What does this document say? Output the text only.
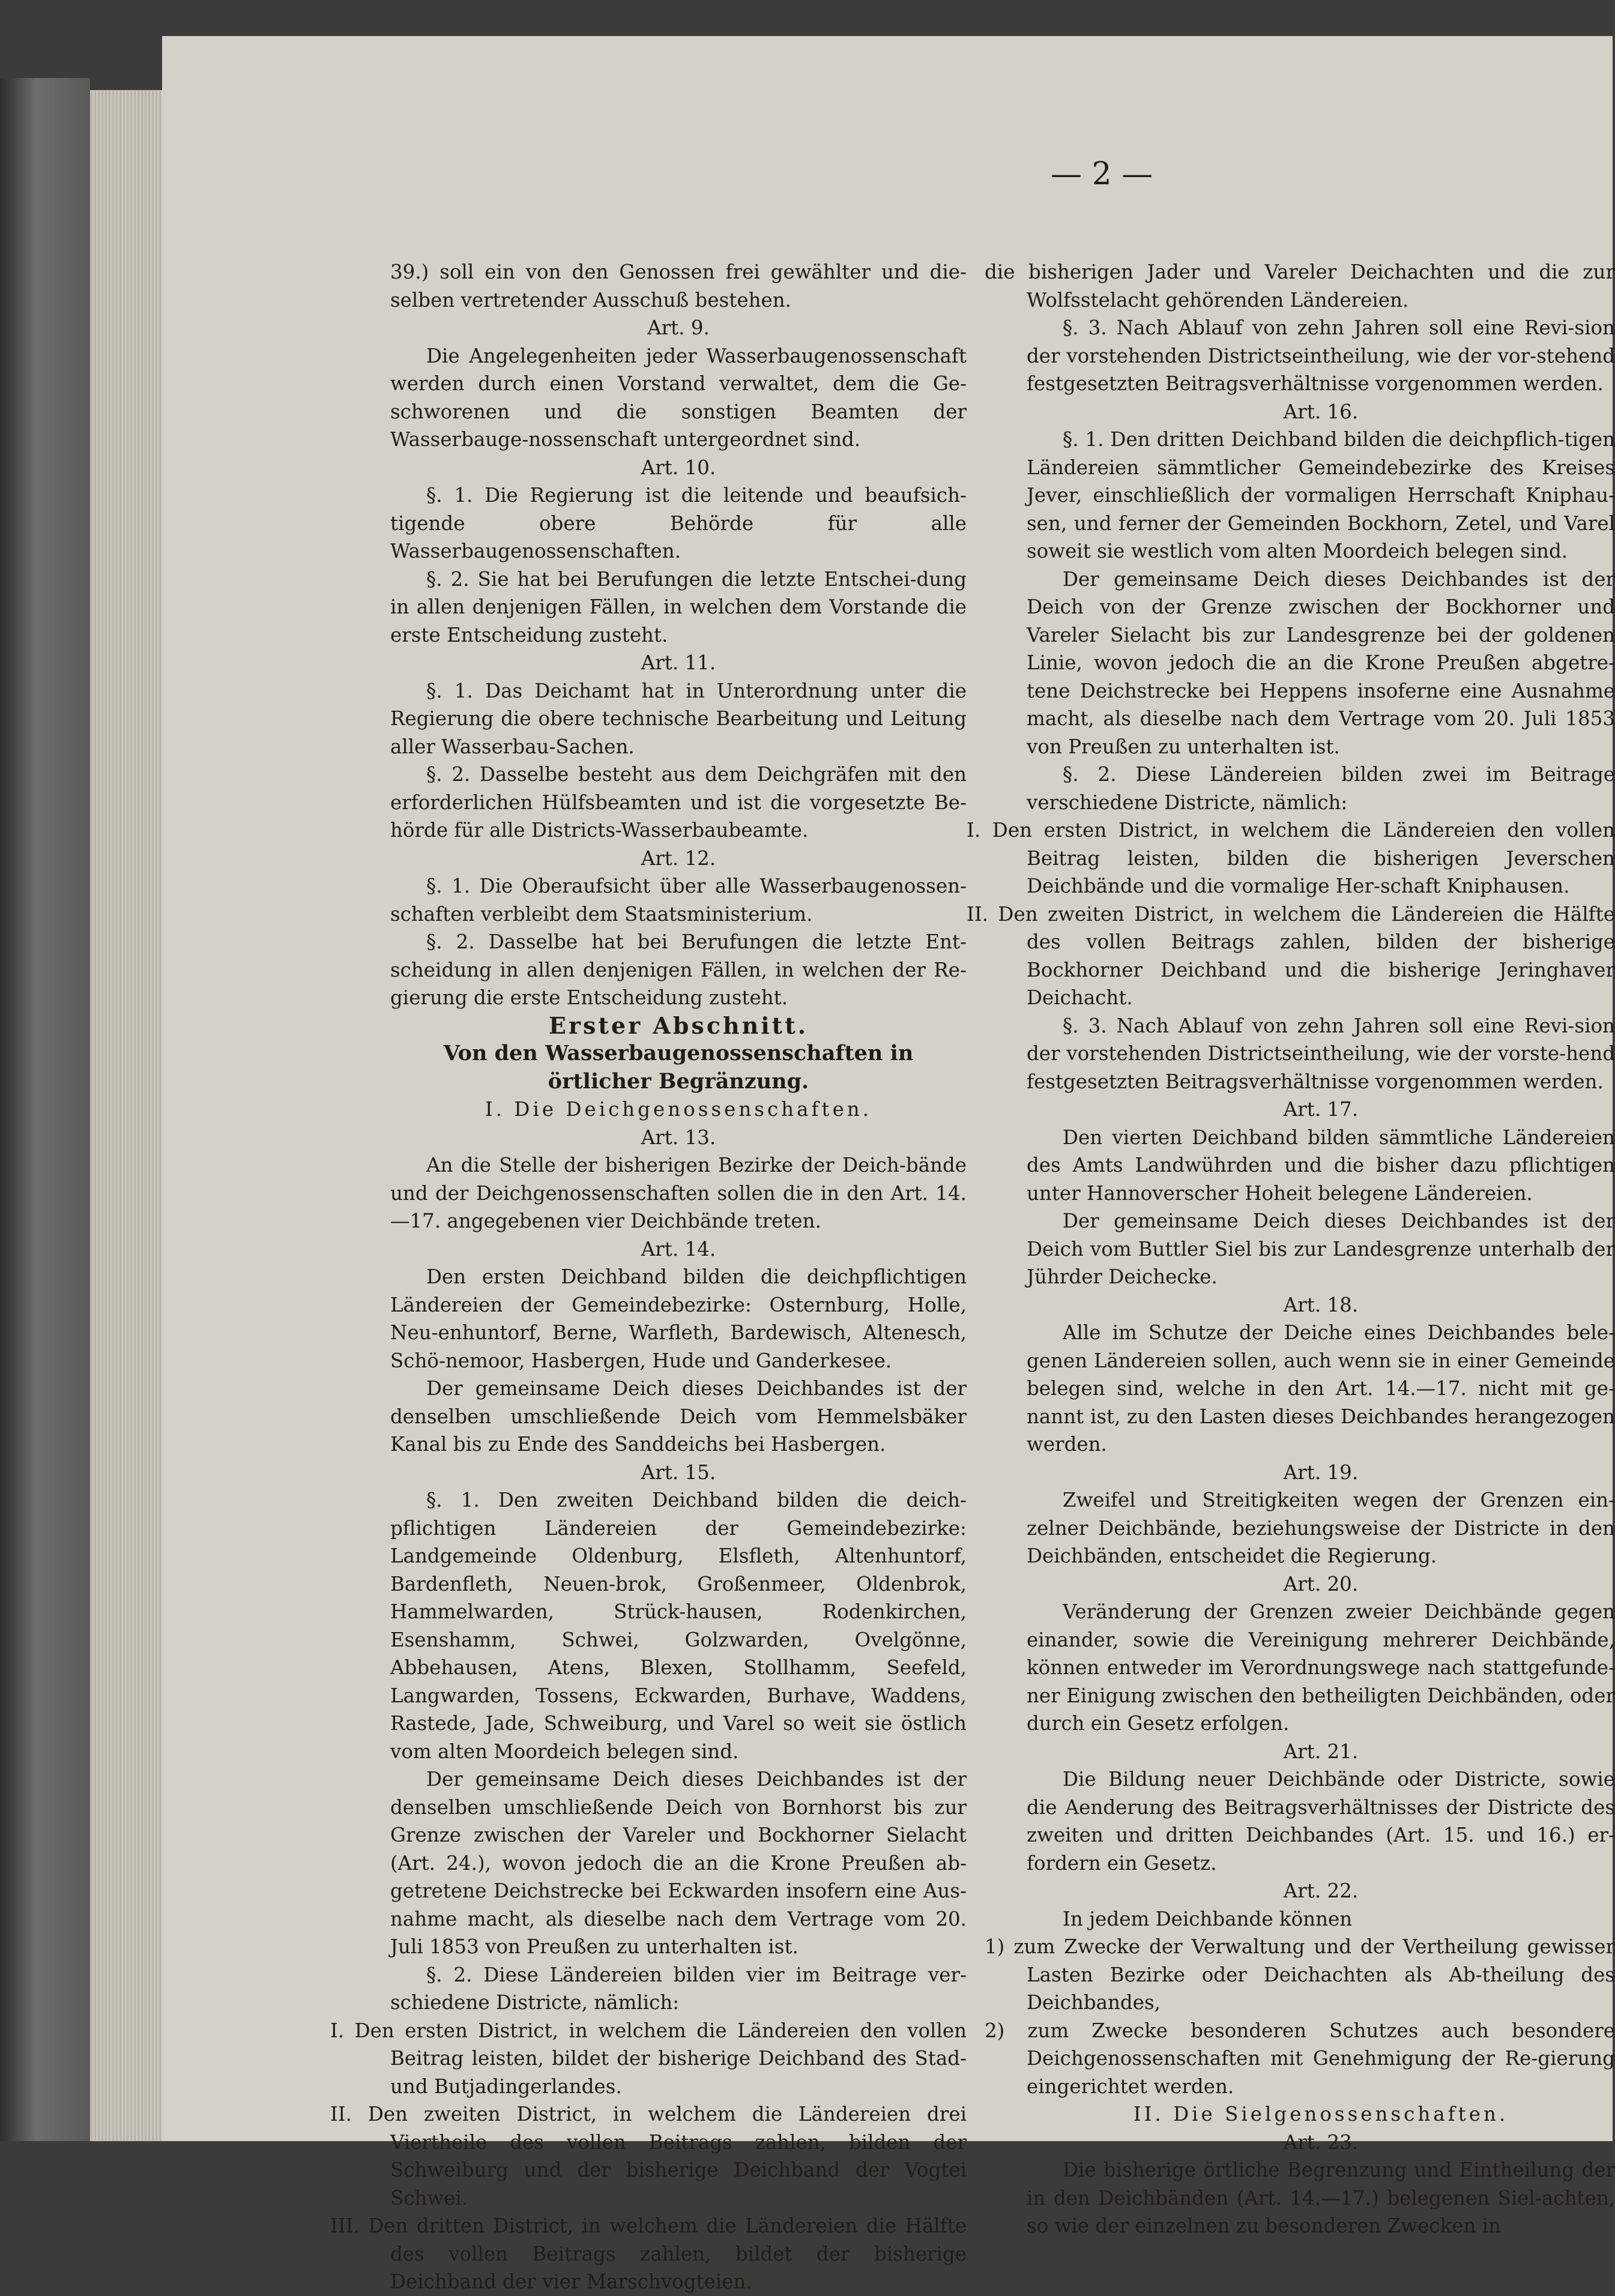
— 2 —
39.) soll ein von den Genossen frei gewählter und die-selben vertretender Ausschuß bestehen.
Art. 9.
Die Angelegenheiten jeder Wasserbaugenossenschaft werden durch einen Vorstand verwaltet, dem die Ge-schworenen und die sonstigen Beamten der Wasserbauge-nossenschaft untergeordnet sind.
Art. 10.
§. 1. Die Regierung ist die leitende und beaufsich-tigende obere Behörde für alle Wasserbaugenossenschaften.
§. 2. Sie hat bei Berufungen die letzte Entschei-dung in allen denjenigen Fällen, in welchen dem Vorstande die erste Entscheidung zusteht.
Art. 11.
§. 1. Das Deichamt hat in Unterordnung unter die Regierung die obere technische Bearbeitung und Leitung aller Wasserbau-Sachen.
§. 2. Dasselbe besteht aus dem Deichgräfen mit den erforderlichen Hülfsbeamten und ist die vorgesetzte Be-hörde für alle Districts-Wasserbaubeamte.
Art. 12.
§. 1. Die Oberaufsicht über alle Wasserbaugenossen-schaften verbleibt dem Staatsministerium.
§. 2. Dasselbe hat bei Berufungen die letzte Ent-scheidung in allen denjenigen Fällen, in welchen der Re-gierung die erste Entscheidung zusteht.
Erster Abschnitt.
Von den Wasserbaugenossenschaften in örtlicher Begränzung.
I. Die Deichgenossenschaften.
Art. 13.
An die Stelle der bisherigen Bezirke der Deich-bände und der Deichgenossenschaften sollen die in den Art. 14.—17. angegebenen vier Deichbände treten.
Art. 14.
Den ersten Deichband bilden die deichpflichtigen Ländereien der Gemeindebezirke: Osternburg, Holle, Neu-enhuntorf, Berne, Warfleth, Bardewisch, Altenesch, Schö-nemoor, Hasbergen, Hude und Ganderkesee.
Der gemeinsame Deich dieses Deichbandes ist der denselben umschließende Deich vom Hemmelsbäker Kanal bis zu Ende des Sanddeichs bei Hasbergen.
Art. 15.
§. 1. Den zweiten Deichband bilden die deich-pflichtigen Ländereien der Gemeindebezirke: Landgemeinde Oldenburg, Elsfleth, Altenhuntorf, Bardenfleth, Neuen-brok, Großenmeer, Oldenbrok, Hammelwarden, Strück-hausen, Rodenkirchen, Esenshamm, Schwei, Golzwarden, Ovelgönne, Abbehausen, Atens, Blexen, Stollhamm, Seefeld, Langwarden, Tossens, Eckwarden, Burhave, Waddens, Rastede, Jade, Schweiburg, und Varel so weit sie östlich vom alten Moordeich belegen sind.
Der gemeinsame Deich dieses Deichbandes ist der denselben umschließende Deich von Bornhorst bis zur Grenze zwischen der Vareler und Bockhorner Sielacht (Art. 24.), wovon jedoch die an die Krone Preußen ab-getretene Deichstrecke bei Eckwarden insofern eine Aus-nahme macht, als dieselbe nach dem Vertrage vom 20. Juli 1853 von Preußen zu unterhalten ist.
§. 2. Diese Ländereien bilden vier im Beitrage ver-schiedene Districte, nämlich:
I. Den ersten District, in welchem die Ländereien den vollen Beitrag leisten, bildet der bisherige Deichband des Stad- und Butjadingerlandes.
II. Den zweiten District, in welchem die Ländereien drei Viertheile des vollen Beitrags zahlen, bilden der Schweiburg und der bisherige Deichband der Vogtei Schwei.
III. Den dritten District, in welchem die Ländereien die Hälfte des vollen Beitrags zahlen, bildet der bisherige Deichband der vier Marschvogteien.
die bisherigen Jader und Vareler Deichachten und die zur Wolfsstelacht gehörenden Ländereien.
§. 3. Nach Ablauf von zehn Jahren soll eine Revi-sion der vorstehenden Districtseintheilung, wie der vor-stehend festgesetzten Beitragsverhältnisse vorgenommen werden.
Art. 16.
§. 1. Den dritten Deichband bilden die deichpflich-tigen Ländereien sämmtlicher Gemeindebezirke des Kreises Jever, einschließlich der vormaligen Herrschaft Kniphau-sen, und ferner der Gemeinden Bockhorn, Zetel, und Varel soweit sie westlich vom alten Moordeich belegen sind.
Der gemeinsame Deich dieses Deichbandes ist der Deich von der Grenze zwischen der Bockhorner und Vareler Sielacht bis zur Landesgrenze bei der goldenen Linie, wovon jedoch die an die Krone Preußen abgetre-tene Deichstrecke bei Heppens insoferne eine Ausnahme macht, als dieselbe nach dem Vertrage vom 20. Juli 1853 von Preußen zu unterhalten ist.
§. 2. Diese Ländereien bilden zwei im Beitrage verschiedene Districte, nämlich:
I. Den ersten District, in welchem die Ländereien den vollen Beitrag leisten, bilden die bisherigen Jeverschen Deichbände und die vormalige Her-schaft Kniphausen.
II. Den zweiten District, in welchem die Ländereien die Hälfte des vollen Beitrags zahlen, bilden der bisherige Bockhorner Deichband und die bisherige Jeringhaver Deichacht.
§. 3. Nach Ablauf von zehn Jahren soll eine Revi-sion der vorstehenden Districtseintheilung, wie der vorste-hend festgesetzten Beitragsverhältnisse vorgenommen werden.
Art. 17.
Den vierten Deichband bilden sämmtliche Ländereien des Amts Landwührden und die bisher dazu pflichtigen unter Hannoverscher Hoheit belegene Ländereien.
Der gemeinsame Deich dieses Deichbandes ist der Deich vom Buttler Siel bis zur Landesgrenze unterhalb der Jührder Deichecke.
Art. 18.
Alle im Schutze der Deiche eines Deichbandes bele-genen Ländereien sollen, auch wenn sie in einer Gemeinde belegen sind, welche in den Art. 14.—17. nicht mit ge-nannt ist, zu den Lasten dieses Deichbandes herangezogen werden.
Art. 19.
Zweifel und Streitigkeiten wegen der Grenzen ein-zelner Deichbände, beziehungsweise der Districte in den Deichbänden, entscheidet die Regierung.
Art. 20.
Veränderung der Grenzen zweier Deichbände gegen einander, sowie die Vereinigung mehrerer Deichbände, können entweder im Verordnungswege nach stattgefunde-ner Einigung zwischen den betheiligten Deichbänden, oder durch ein Gesetz erfolgen.
Art. 21.
Die Bildung neuer Deichbände oder Districte, sowie die Aenderung des Beitragsverhältnisses der Districte des zweiten und dritten Deichbandes (Art. 15. und 16.) er-fordern ein Gesetz.
Art. 22.
In jedem Deichbande können
1) zum Zwecke der Verwaltung und der Vertheilung gewisser Lasten Bezirke oder Deichachten als Ab-theilung des Deichbandes,
2) zum Zwecke besonderen Schutzes auch besondere Deichgenossenschaften mit Genehmigung der Re-gierung eingerichtet werden.
II. Die Sielgenossenschaften.
Art. 23.
Die bisherige örtliche Begrenzung und Eintheilung der in den Deichbänden (Art. 14.—17.) belegenen Siel-achten, so wie der einzelnen zu besonderen Zwecken in
